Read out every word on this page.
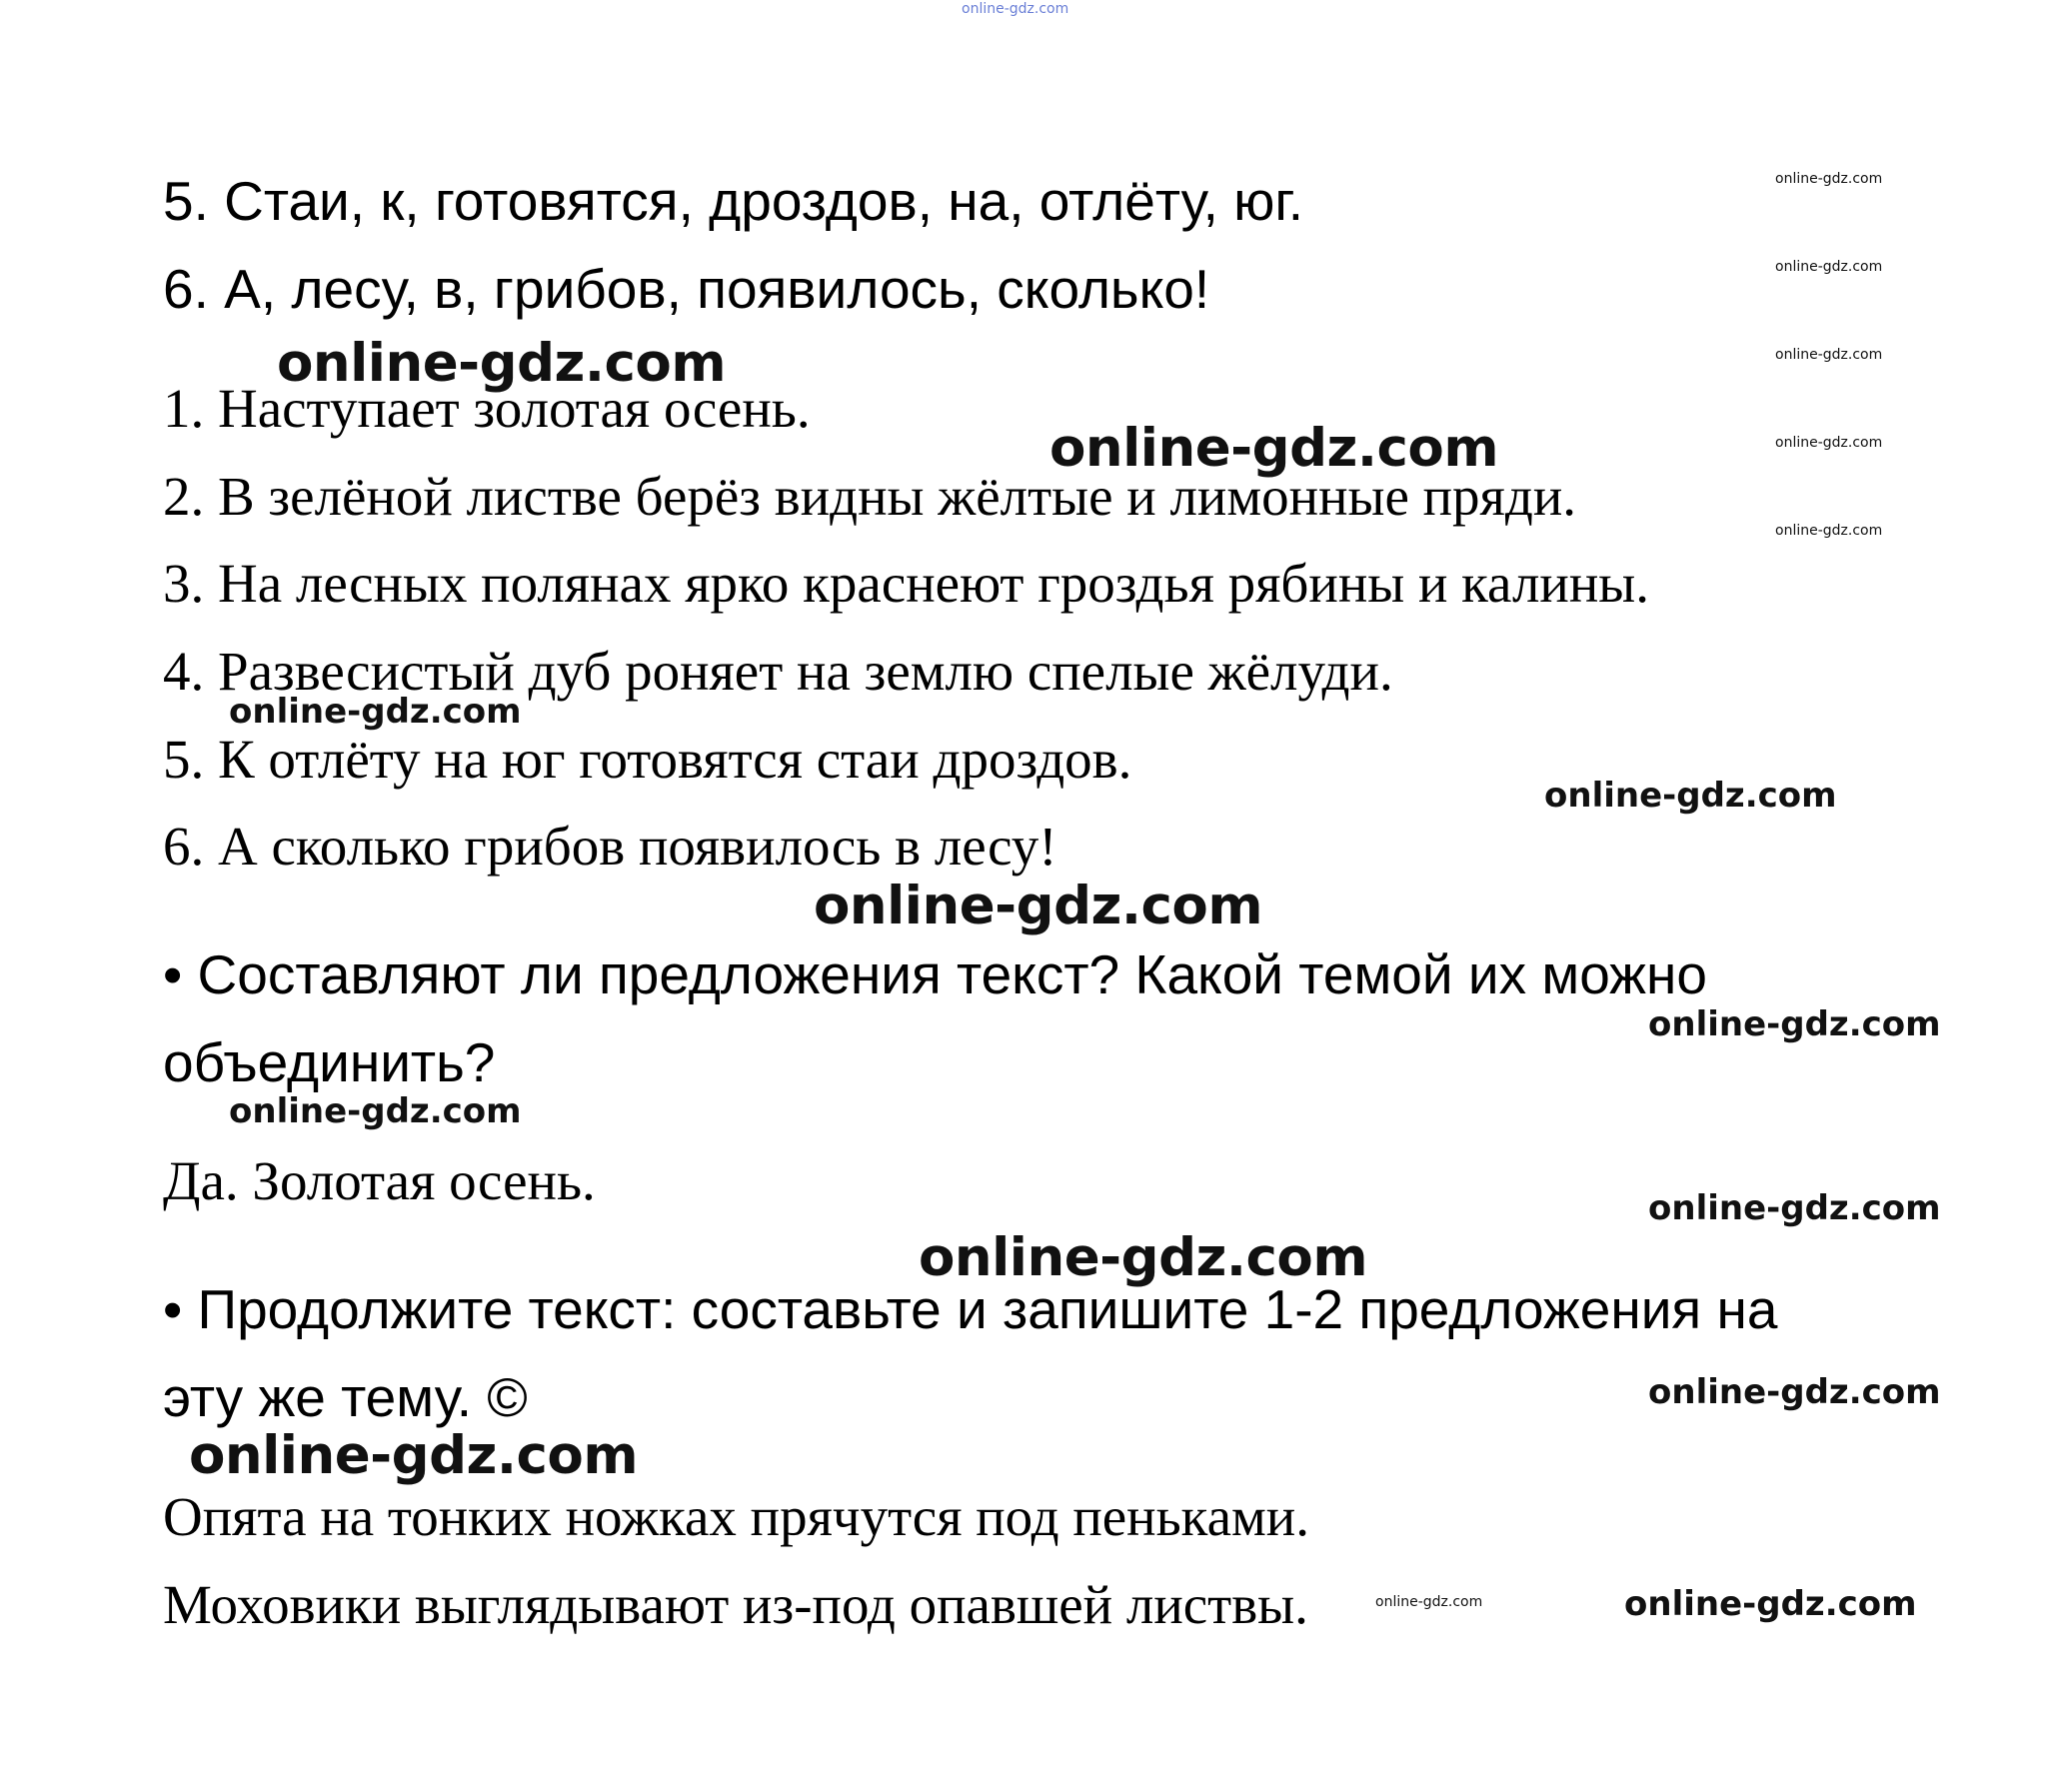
online-gdz.com
online-gdz.com
online-gdz.com
online-gdz.com
online-gdz.com
online-gdz.com
5. Стаи, к, готовятся, дроздов, на, отлёту, юг.
6. А, лесу, в, грибов, появилось, сколько!
online-gdz.com
1. Наступает золотая осень.
online-gdz.com
2. В зелёной листве берёз видны жёлтые и лимонные пряди.
3. На лесных полянах ярко краснеют гроздья рябины и калины.
4. Развесистый дуб роняет на землю спелые жёлуди.
online-gdz.com
5. К отлёту на юг готовятся стаи дроздов.
online-gdz.com
6. А сколько грибов появилось в лесу!
online-gdz.com
• Составляют ли предложения текст? Какой темой их можно
online-gdz.com
объединить?
online-gdz.com
Да. Золотая осень.	online-gdz.com
online-gdz.com
• Продолжите текст: составьте и запишите 1-2 предложения на
online-gdz.com
эту же тему. ©
online-gdz.com
Опята на тонких ножках прячутся под пеньками.
Моховики выглядывают из-под опавшей листвы.	online-gdz.com	online-gdz.com
